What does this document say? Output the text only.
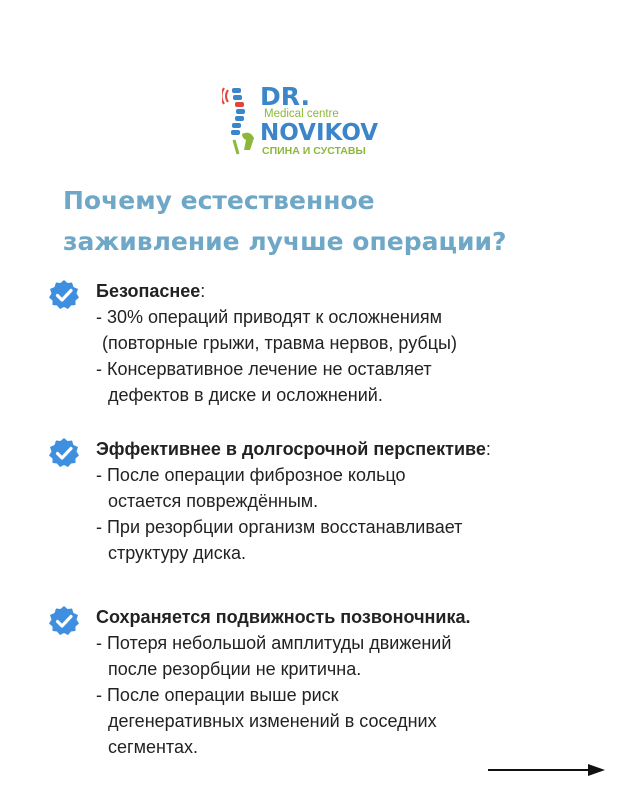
DR.
Medical centre
NOVIKOV
СПИНА И СУСТАВЫ
Почему естественное
заживление лучше операции?
Безопаснее:
- 30% операций приводят к осложнениям
(повторные грыжи, травма нервов, рубцы)
- Консервативное лечение не оставляет
дефектов в диске и осложнений.
Эффективнее в долгосрочной перспективе:
- После операции фиброзное кольцо
остается повреждённым.
- При резорбции организм восстанавливает
структуру диска.
Сохраняется подвижность позвоночника.
- Потеря небольшой амплитуды движений
после резорбции не критична.
- После операции выше риск
дегенеративных изменений в соседних
сегментах.
